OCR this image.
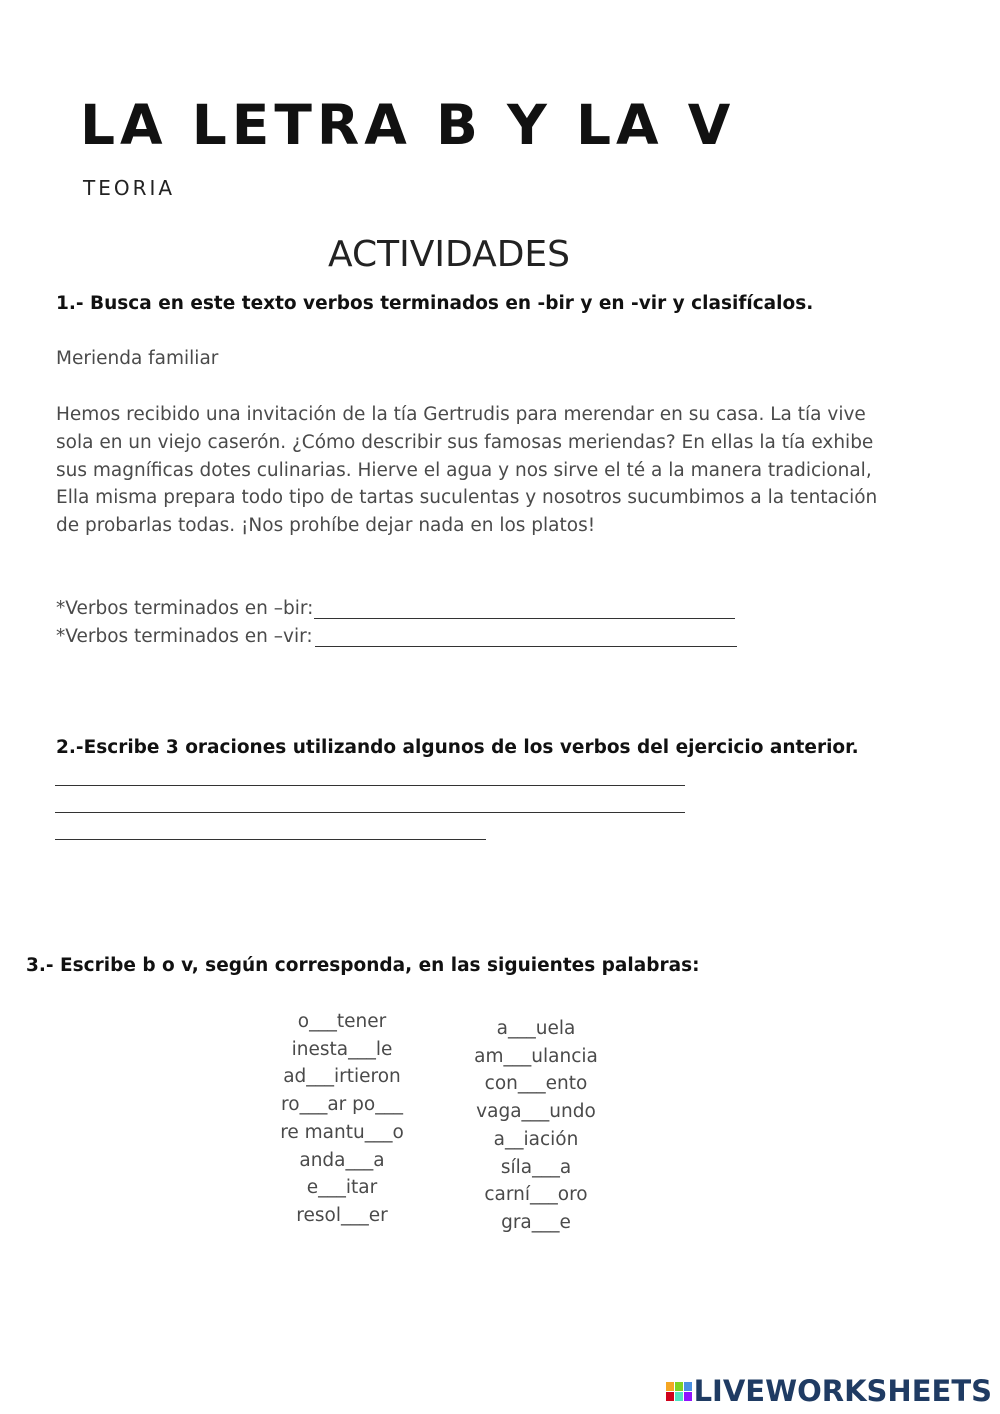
LA LETRA B Y LA V
TEORIA
ACTIVIDADES
1.- Busca en este texto verbos terminados en -bir y en -vir y clasifícalos.
Merienda familiar
Hemos recibido una invitación de la tía Gertrudis para merendar en su casa. La tía vive
sola en un viejo caserón. ¿Cómo describir sus famosas meriendas? En ellas la tía exhibe
sus magníficas dotes culinarias. Hierve el agua y nos sirve el té a la manera tradicional,
Ella misma prepara todo tipo de tartas suculentas y nosotros sucumbimos a la tentación
de probarlas todas. ¡Nos prohíbe dejar nada en los platos!
*Verbos terminados en –bir:
*Verbos terminados en –vir:
2.-Escribe 3 oraciones utilizando algunos de los verbos del ejercicio anterior.
3.- Escribe b o v, según corresponda, en las siguientes palabras:
o___tener
inesta___le
ad___irtieron
ro___ar po___
re mantu___o
anda___a
e___itar
resol___er
a___uela
am___ulancia
con___ento
vaga___undo
a__iación
síla___a
carní___oro
gra___e
LIVEWORKSHEETS
